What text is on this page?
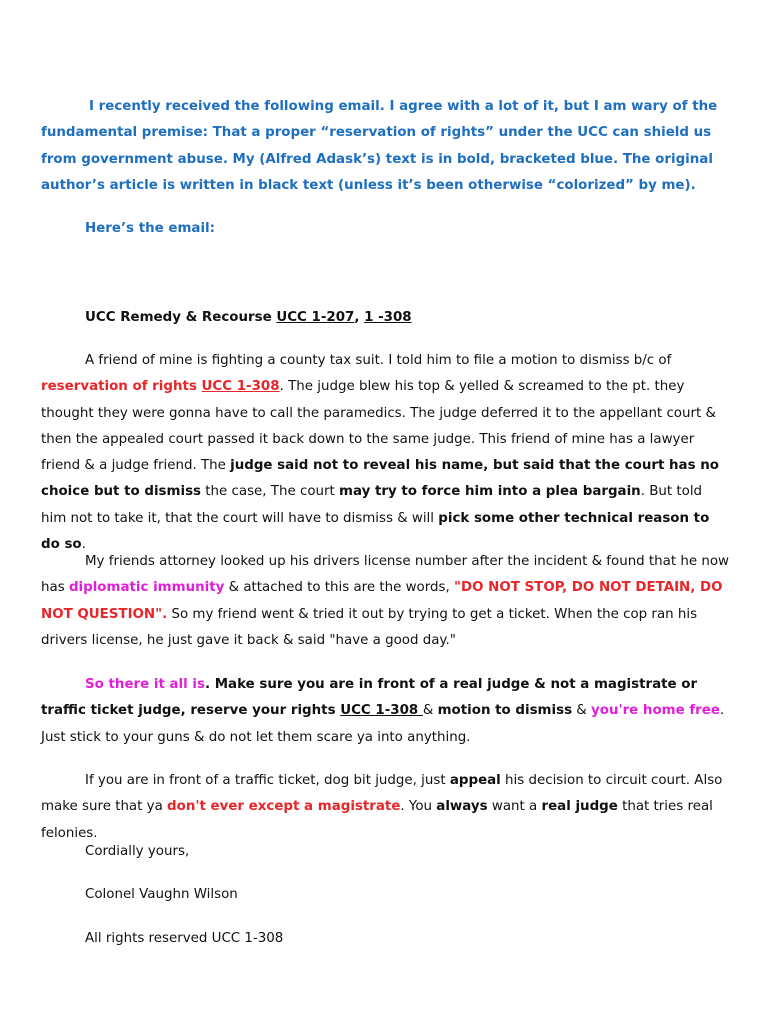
I recently received the following email. I agree with a lot of it, but I am wary of the fundamental premise: That a proper “reservation of rights” under the UCC can shield us from government abuse. My (Alfred Adask’s) text is in bold, bracketed blue. The original author’s article is written in black text (unless it’s been otherwise “colorized” by me).
Here’s the email:
UCC Remedy & Recourse UCC 1-207, 1 -308
A friend of mine is fighting a county tax suit. I told him to file a motion to dismiss b/c of reservation of rights UCC 1-308. The judge blew his top & yelled & screamed to the pt. they thought they were gonna have to call the paramedics. The judge deferred it to the appellant court & then the appealed court passed it back down to the same judge. This friend of mine has a lawyer friend & a judge friend. The judge said not to reveal his name, but said that the court has no choice but to dismiss the case, The court may try to force him into a plea bargain. But told him not to take it, that the court will have to dismiss & will pick some other technical reason to do so.
My friends attorney looked up his drivers license number after the incident & found that he now has diplomatic immunity & attached to this are the words, "DO NOT STOP, DO NOT DETAIN, DO NOT QUESTION". So my friend went & tried it out by trying to get a ticket. When the cop ran his drivers license, he just gave it back & said "have a good day."
So there it all is. Make sure you are in front of a real judge & not a magistrate or traffic ticket judge, reserve your rights UCC 1-308 & motion to dismiss & you're home free. Just stick to your guns & do not let them scare ya into anything.
If you are in front of a traffic ticket, dog bit judge, just appeal his decision to circuit court. Also make sure that ya don't ever except a magistrate. You always want a real judge that tries real felonies.
Cordially yours,
Colonel Vaughn Wilson
All rights reserved UCC 1-308
